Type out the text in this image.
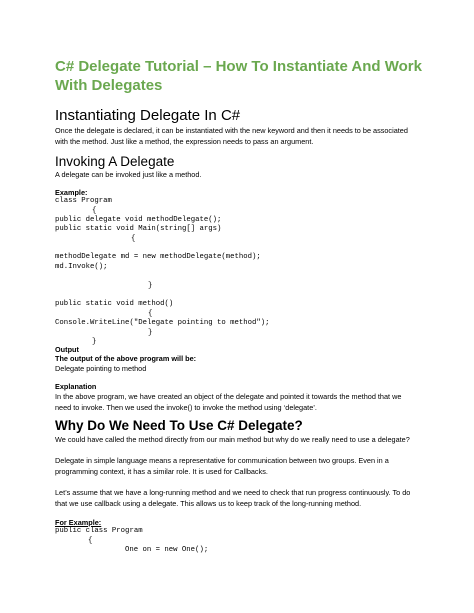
C# Delegate Tutorial – How To Instantiate And Work
With Delegates
Instantiating Delegate In C#
Once the delegate is declared, it can be instantiated with the new keyword and then it needs to be associated
with the method. Just like a method, the expression needs to pass an argument.
Invoking A Delegate
A delegate can be invoked just like a method.
Example:
class Program
{
public delegate void methodDelegate();
public static void Main(string[] args)
{
methodDelegate md = new methodDelegate(method);
md.Invoke();
}
public static void method()
{
Console.WriteLine("Delegate pointing to method");
}
}
Output
The output of the above program will be:
Delegate pointing to method
Explanation
In the above program, we have created an object of the delegate and pointed it towards the method that we
need to invoke. Then we used the invoke() to invoke the method using ‘delegate’.
Why Do We Need To Use C# Delegate?
We could have called the method directly from our main method but why do we really need to use a delegate?
Delegate in simple language means a representative for communication between two groups. Even in a
programming context, it has a similar role. It is used for Callbacks.
Let’s assume that we have a long-running method and we need to check that run progress continuously. To do
that we use callback using a delegate. This allows us to keep track of the long-running method.
For Example:
public class Program
{
One on = new One();
